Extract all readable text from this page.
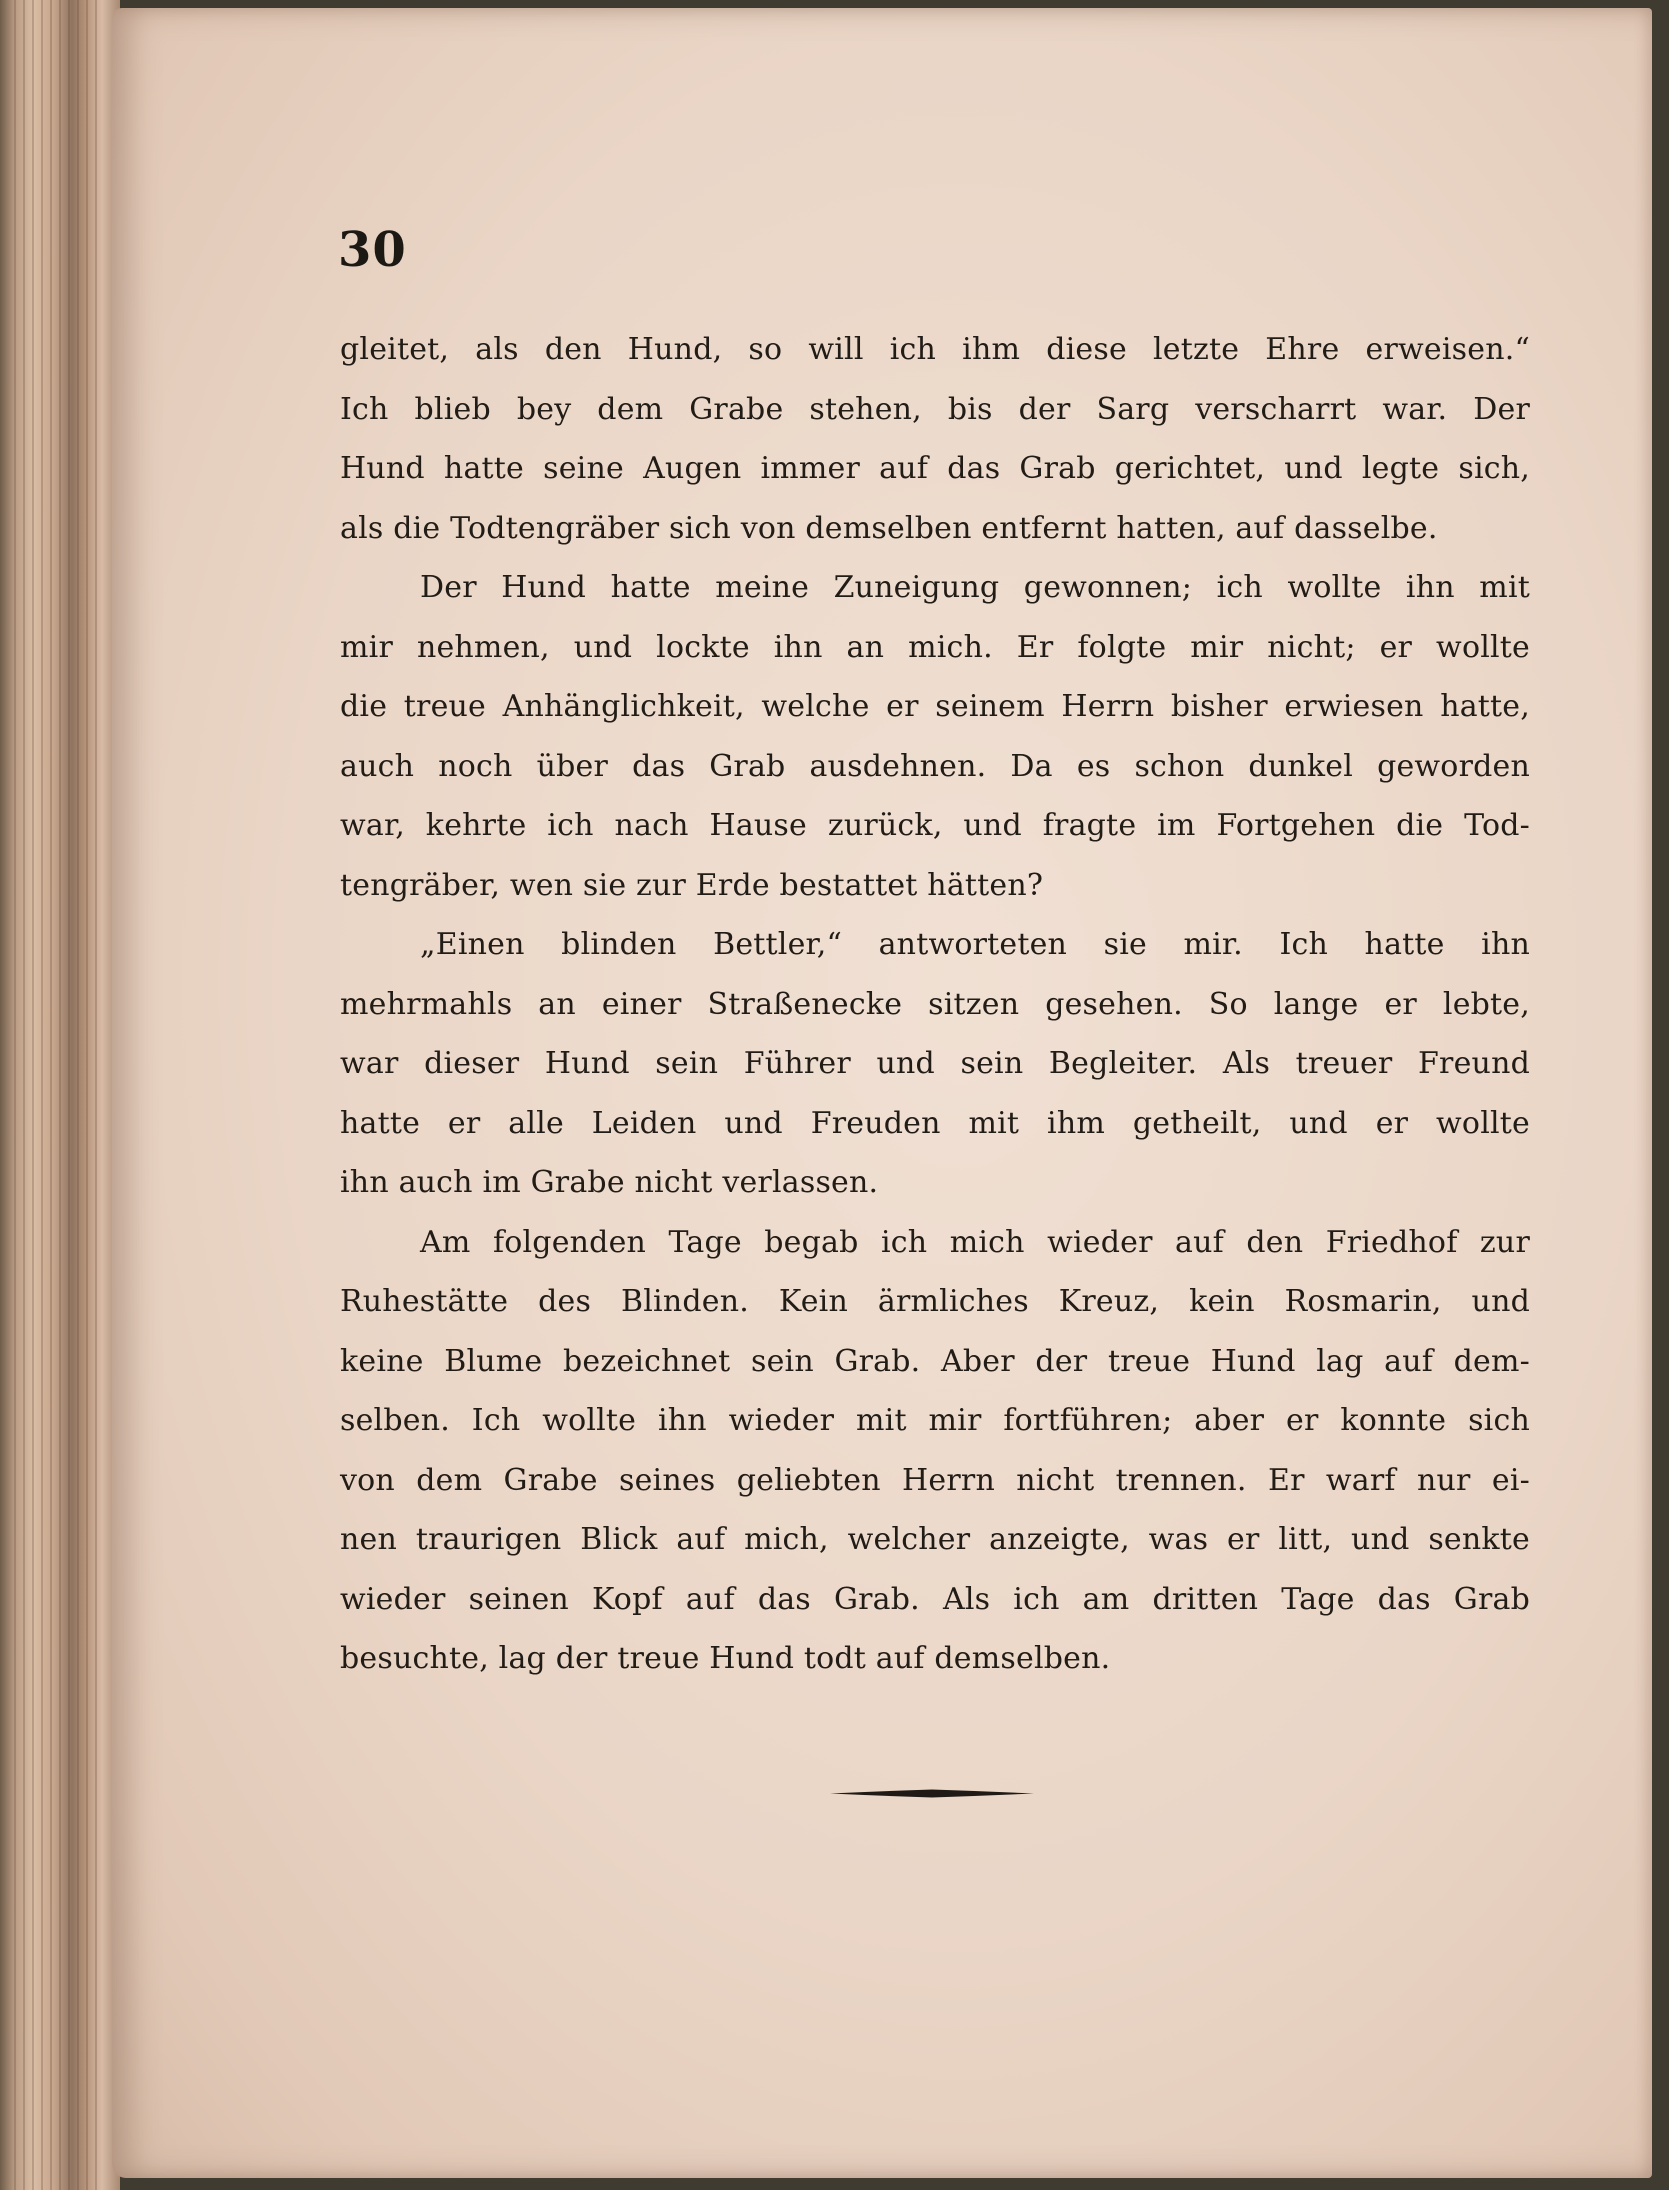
30
gleitet, als den Hund, so will ich ihm diese letzte Ehre erweisen.“
Ich blieb bey dem Grabe stehen, bis der Sarg verscharrt war. Der
Hund hatte seine Augen immer auf das Grab gerichtet, und legte sich,
als die Todtengräber sich von demselben entfernt hatten, auf dasselbe.
Der Hund hatte meine Zuneigung gewonnen; ich wollte ihn mit
mir nehmen, und lockte ihn an mich. Er folgte mir nicht; er wollte
die treue Anhänglichkeit, welche er seinem Herrn bisher erwiesen hatte,
auch noch über das Grab ausdehnen. Da es schon dunkel geworden
war, kehrte ich nach Hause zurück, und fragte im Fortgehen die Tod-
tengräber, wen sie zur Erde bestattet hätten?
„Einen blinden Bettler,“ antworteten sie mir. Ich hatte ihn
mehrmahls an einer Straßenecke sitzen gesehen. So lange er lebte,
war dieser Hund sein Führer und sein Begleiter. Als treuer Freund
hatte er alle Leiden und Freuden mit ihm getheilt, und er wollte
ihn auch im Grabe nicht verlassen.
Am folgenden Tage begab ich mich wieder auf den Friedhof zur
Ruhestätte des Blinden. Kein ärmliches Kreuz, kein Rosmarin, und
keine Blume bezeichnet sein Grab. Aber der treue Hund lag auf dem-
selben. Ich wollte ihn wieder mit mir fortführen; aber er konnte sich
von dem Grabe seines geliebten Herrn nicht trennen. Er warf nur ei-
nen traurigen Blick auf mich, welcher anzeigte, was er litt, und senkte
wieder seinen Kopf auf das Grab. Als ich am dritten Tage das Grab
besuchte, lag der treue Hund todt auf demselben.
